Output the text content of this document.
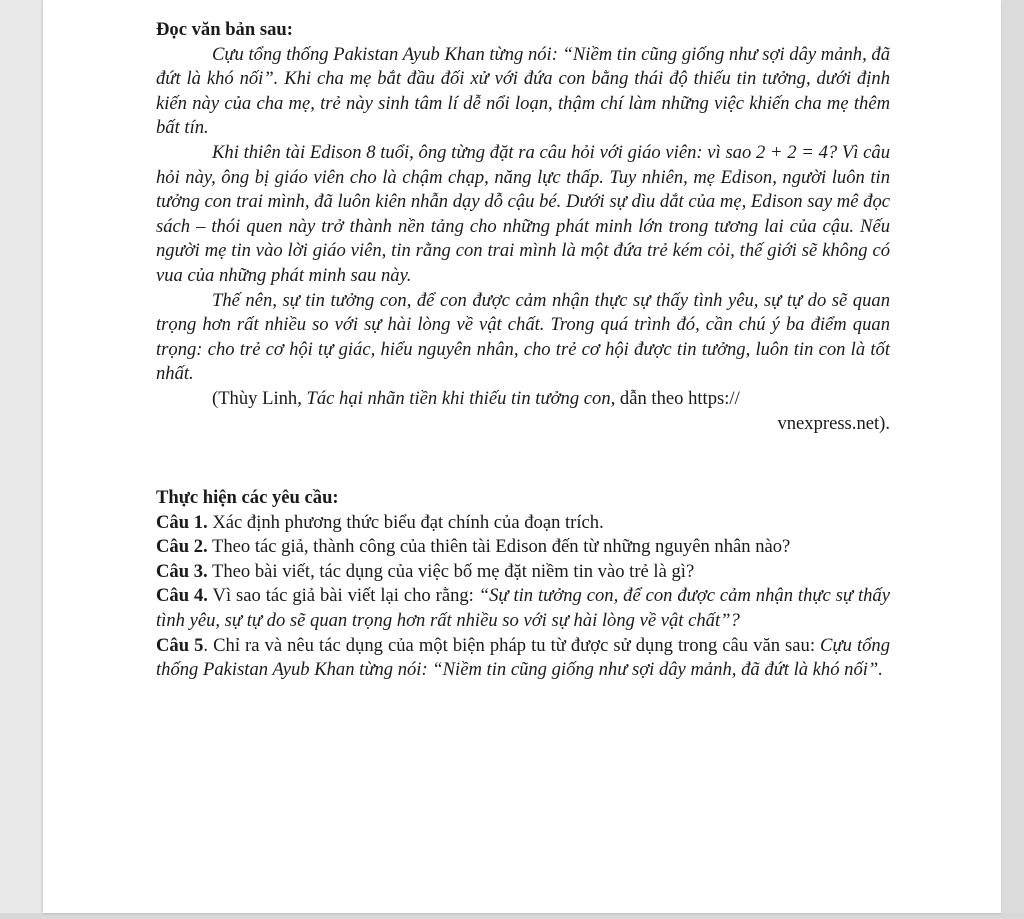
Đọc văn bản sau:

Cựu tổng thống Pakistan Ayub Khan từng nói: “Niềm tin cũng giống như sợi dây mảnh, đã đứt là khó nối”. Khi cha mẹ bắt đầu đối xử với đứa con bằng thái độ thiếu tin tưởng, dưới định kiến này của cha mẹ, trẻ này sinh tâm lí dễ nổi loạn, thậm chí làm những việc khiến cha mẹ thêm bất tín.

Khi thiên tài Edison 8 tuổi, ông từng đặt ra câu hỏi với giáo viên: vì sao 2 + 2 = 4? Vì câu hỏi này, ông bị giáo viên cho là chậm chạp, năng lực thấp. Tuy nhiên, mẹ Edison, người luôn tin tưởng con trai mình, đã luôn kiên nhẫn dạy dỗ cậu bé. Dưới sự dìu dắt của mẹ, Edison say mê đọc sách – thói quen này trở thành nền tảng cho những phát minh lớn trong tương lai của cậu. Nếu người mẹ tin vào lời giáo viên, tin rằng con trai mình là một đứa trẻ kém cỏi, thế giới sẽ không có vua của những phát minh sau này.

Thế nên, sự tin tưởng con, để con được cảm nhận thực sự thấy tình yêu, sự tự do sẽ quan trọng hơn rất nhiều so với sự hài lòng về vật chất. Trong quá trình đó, cần chú ý ba điểm quan trọng: cho trẻ cơ hội tự giác, hiểu nguyên nhân, cho trẻ cơ hội được tin tưởng, luôn tin con là tốt nhất.

(Thùy Linh, Tác hại nhãn tiền khi thiếu tin tưởng con, dẫn theo https://

vnexpress.net).

Thực hiện các yêu cầu:

Câu 1. Xác định phương thức biểu đạt chính của đoạn trích.

Câu 2. Theo tác giả, thành công của thiên tài Edison đến từ những nguyên nhân nào?

Câu 3. Theo bài viết, tác dụng của việc bố mẹ đặt niềm tin vào trẻ là gì?

Câu 4. Vì sao tác giả bài viết lại cho rằng: “Sự tin tưởng con, để con được cảm nhận thực sự thấy tình yêu, sự tự do sẽ quan trọng hơn rất nhiều so với sự hài lòng về vật chất”?

Câu 5. Chỉ ra và nêu tác dụng của một biện pháp tu từ được sử dụng trong câu văn sau: Cựu tổng thống Pakistan Ayub Khan từng nói: “Niềm tin cũng giống như sợi dây mảnh, đã đứt là khó nối”.
